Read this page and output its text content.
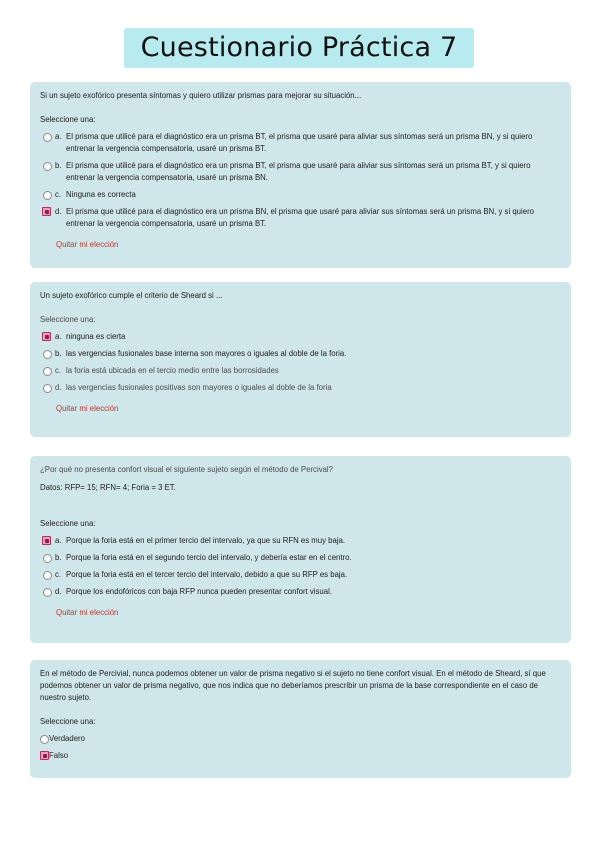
Cuestionario Práctica 7

Si un sujeto exofórico presenta síntomas y quiero utilizar prismas para mejorar su situación...

Seleccione una:
a. El prisma que utilicé para el diagnóstico era un prisma BT, el prisma que usaré para aliviar sus síntomas será un prisma BN, y si quiero entrenar la vergencia compensatoria, usaré un prisma BT.
b. El prisma que utilicé para el diagnóstico era un prisma BT, el prisma que usaré para aliviar sus síntomas será un prisma BT, y si quiero entrenar la vergencia compensatoria, usaré un prisma BN.
c. Ninguna es correcta
d. El prisma que utilicé para el diagnóstico era un prisma BN, el prisma que usaré para aliviar sus síntomas será un prisma BN, y si quiero entrenar la vergencia compensatoria, usaré un prisma BT.
Quitar mi elección

Un sujeto exofórico cumple el criterio de Sheard si ...

Seleccione una:
a. ninguna es cierta
b. las vergencias fusionales base interna son mayores o iguales al doble de la foria.
c. la foria está ubicada en el tercio medio entre las borrosidades
d. las vergencias fusionales positivas son mayores o iguales al doble de la foria
Quitar mi elección

¿Por qué no presenta confort visual el siguiente sujeto según el método de Percival?

Datos: RFP= 15; RFN= 4; Foria = 3 ET.

Seleccione una:
a. Porque la foria está en el primer tercio del intervalo, ya que su RFN es muy baja.
b. Porque la foria está en el segundo tercio del intervalo, y debería estar en el centro.
c. Porque la foria está en el tercer tercio del intervalo, debido a que su RFP es baja.
d. Porque los endofóricos con baja RFP nunca pueden presentar confort visual.
Quitar mi elección

En el método de Percivial, nunca podemos obtener un valor de prisma negativo si el sujeto no tiene confort visual. En el método de Sheard, sí que podemos obtener un valor de prisma negativo, que nos indica que no deberíamos prescribir un prisma de la base correspondiente en el caso de nuestro sujeto.

Seleccione una:
Verdadero
Falso
